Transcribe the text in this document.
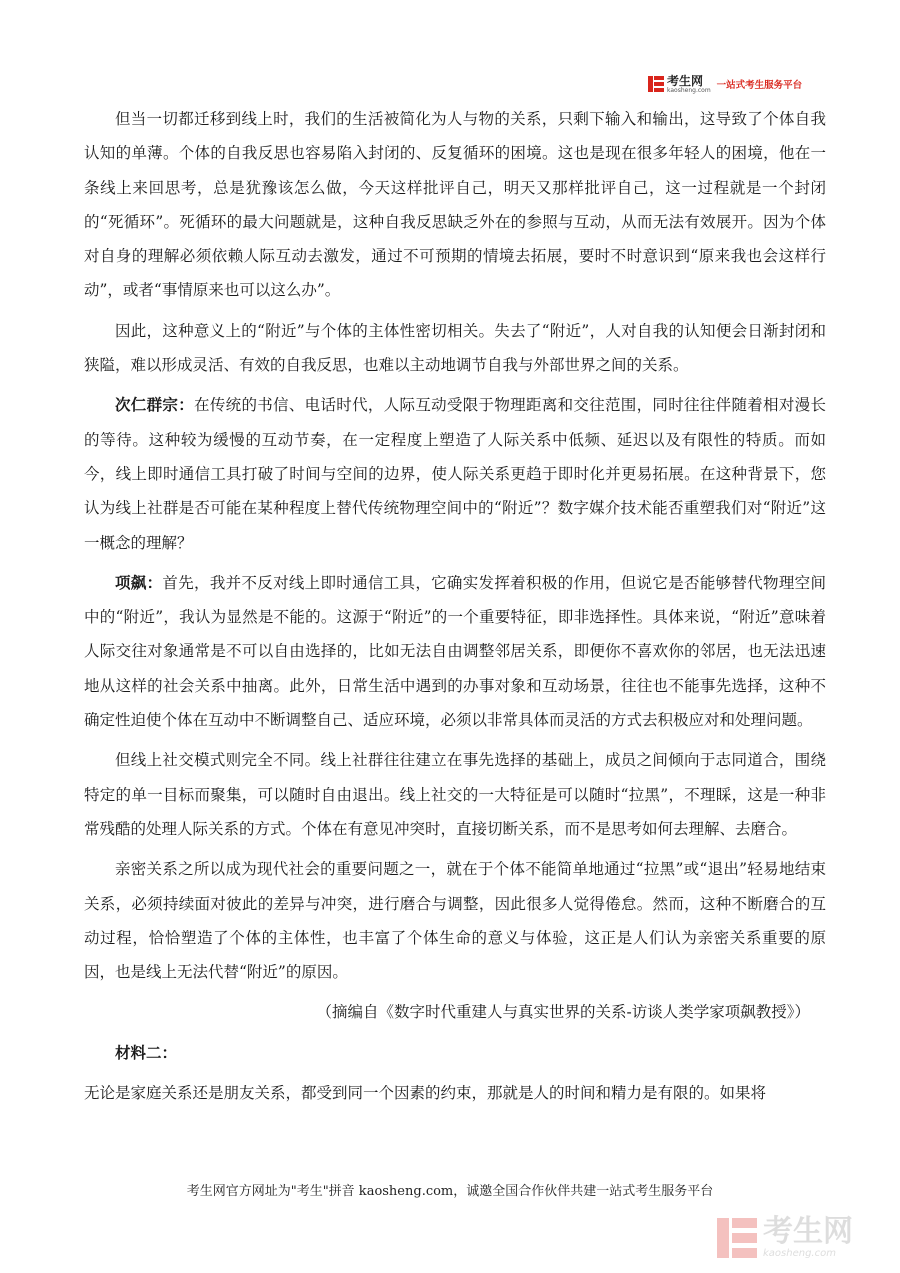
考生网
kaosheng.com 一站式考生服务平台

但当一切都迁移到线上时，我们的生活被简化为人与物的关系，只剩下输入和输出，这导致了个体自我认知的单薄。个体的自我反思也容易陷入封闭的、反复循环的困境。这也是现在很多年轻人的困境，他在一条线上来回思考，总是犹豫该怎么做，今天这样批评自己，明天又那样批评自己，这一过程就是一个封闭的“死循环”。死循环的最大问题就是，这种自我反思缺乏外在的参照与互动，从而无法有效展开。因为个体对自身的理解必须依赖人际互动去激发，通过不可预期的情境去拓展，要时不时意识到“原来我也会这样行动”，或者“事情原来也可以这么办”。

因此，这种意义上的“附近”与个体的主体性密切相关。失去了“附近”，人对自我的认知便会日渐封闭和狭隘，难以形成灵活、有效的自我反思，也难以主动地调节自我与外部世界之间的关系。

次仁群宗：在传统的书信、电话时代，人际互动受限于物理距离和交往范围，同时往往伴随着相对漫长的等待。这种较为缓慢的互动节奏，在一定程度上塑造了人际关系中低频、延迟以及有限性的特质。而如今，线上即时通信工具打破了时间与空间的边界，使人际关系更趋于即时化并更易拓展。在这种背景下，您认为线上社群是否可能在某种程度上替代传统物理空间中的“附近”？数字媒介技术能否重塑我们对“附近”这一概念的理解？

项飙：首先，我并不反对线上即时通信工具，它确实发挥着积极的作用，但说它是否能够替代物理空间中的“附近”，我认为显然是不能的。这源于“附近”的一个重要特征，即非选择性。具体来说，“附近”意味着人际交往对象通常是不可以自由选择的，比如无法自由调整邻居关系，即便你不喜欢你的邻居，也无法迅速地从这样的社会关系中抽离。此外，日常生活中遇到的办事对象和互动场景，往往也不能事先选择，这种不确定性迫使个体在互动中不断调整自己、适应环境，必须以非常具体而灵活的方式去积极应对和处理问题。

但线上社交模式则完全不同。线上社群往往建立在事先选择的基础上，成员之间倾向于志同道合，围绕特定的单一目标而聚集，可以随时自由退出。线上社交的一大特征是可以随时“拉黑”，不理睬，这是一种非常残酷的处理人际关系的方式。个体在有意见冲突时，直接切断关系，而不是思考如何去理解、去磨合。

亲密关系之所以成为现代社会的重要问题之一，就在于个体不能简单地通过“拉黑”或“退出”轻易地结束关系，必须持续面对彼此的差异与冲突，进行磨合与调整，因此很多人觉得倦怠。然而，这种不断磨合的互动过程，恰恰塑造了个体的主体性，也丰富了个体生命的意义与体验，这正是人们认为亲密关系重要的原因，也是线上无法代替“附近”的原因。

（摘编自《数字时代重建人与真实世界的关系-访谈人类学家项飙教授》）

材料二：

无论是家庭关系还是朋友关系，都受到同一个因素的约束，那就是人的时间和精力是有限的。如果将

考生网官方网址为"考生"拼音 kaosheng.com，诚邀全国合作伙伴共建一站式考生服务平台
考生网
kaosheng.com
